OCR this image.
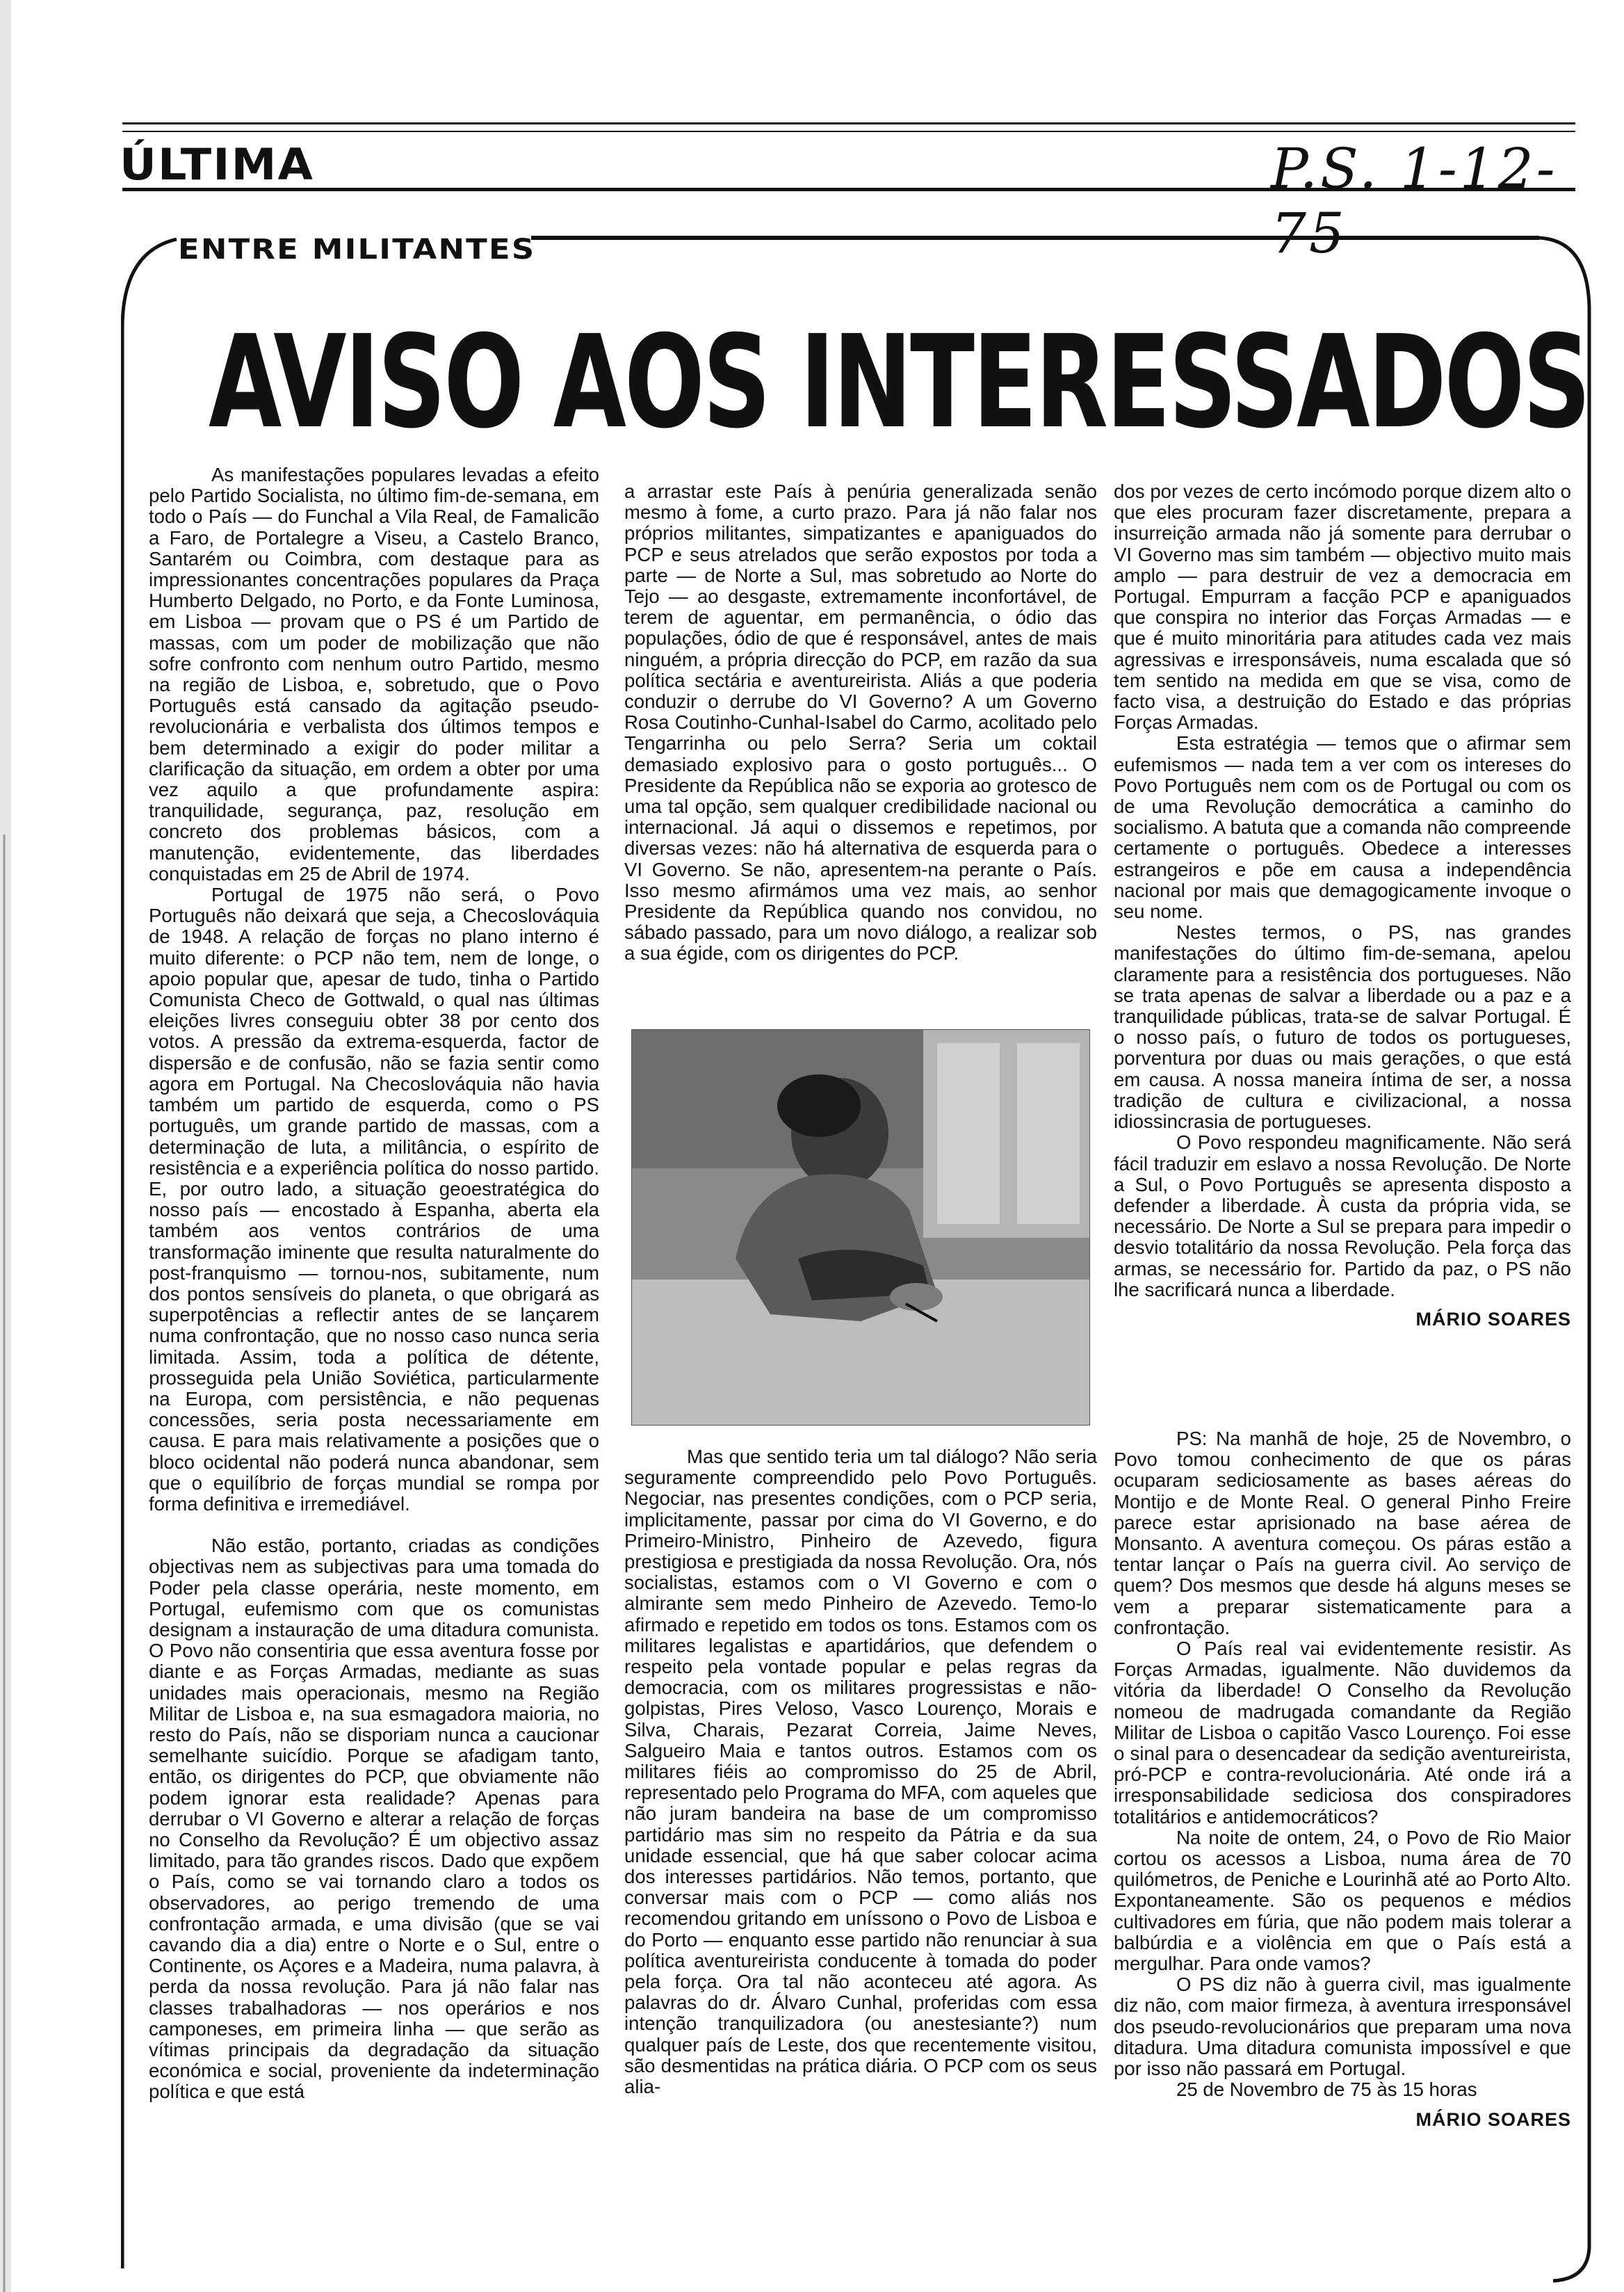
ÚLTIMA	P.S. 1-12-75
ENTRE MILITANTES
AVISO AOS INTERESSADOS

As manifestações populares levadas a efeito pelo Partido Socialista, no último fim-de-semana, em todo o País — do Funchal a Vila Real, de Famalicão a Faro, de Portalegre a Viseu, a Castelo Branco, Santarém ou Coimbra, com destaque para as impressionantes concentrações populares da Praça Humberto Delgado, no Porto, e da Fonte Luminosa, em Lisboa — provam que o PS é um Partido de massas, com um poder de mobilização que não sofre confronto com nenhum outro Partido, mesmo na região de Lisboa, e, sobretudo, que o Povo Português está cansado da agitação pseudo-revolucionária e verbalista dos últimos tempos e bem determinado a exigir do poder militar a clarificação da situação, em ordem a obter por uma vez aquilo a que profundamente aspira: tranquilidade, segurança, paz, resolução em concreto dos problemas básicos, com a manutenção, evidentemente, das liberdades conquistadas em 25 de Abril de 1974.

Portugal de 1975 não será, o Povo Português não deixará que seja, a Checoslováquia de 1948. A relação de forças no plano interno é muito diferente: o PCP não tem, nem de longe, o apoio popular que, apesar de tudo, tinha o Partido Comunista Checo de Gottwald, o qual nas últimas eleições livres conseguiu obter 38 por cento dos votos. A pressão da extrema-esquerda, factor de dispersão e de confusão, não se fazia sentir como agora em Portugal. Na Checoslováquia não havia também um partido de esquerda, como o PS português, um grande partido de massas, com a determinação de luta, a militância, o espírito de resistência e a experiência política do nosso partido. E, por outro lado, a situação geoestratégica do nosso país — encostado à Espanha, aberta ela também aos ventos contrários de uma transformação iminente que resulta naturalmente do post-franquismo — tornou-nos, subitamente, num dos pontos sensíveis do planeta, o que obrigará as superpotências a reflectir antes de se lançarem numa confrontação, que no nosso caso nunca seria limitada. Assim, toda a política de détente, prosseguida pela União Soviética, particularmente na Europa, com persistência, e não pequenas concessões, seria posta necessariamente em causa. E para mais relativamente a posições que o bloco ocidental não poderá nunca abandonar, sem que o equilíbrio de forças mundial se rompa por forma definitiva e irremediável.

Não estão, portanto, criadas as condições objectivas nem as subjectivas para uma tomada do Poder pela classe operária, neste momento, em Portugal, eufemismo com que os comunistas designam a instauração de uma ditadura comunista. O Povo não consentiria que essa aventura fosse por diante e as Forças Armadas, mediante as suas unidades mais operacionais, mesmo na Região Militar de Lisboa e, na sua esmagadora maioria, no resto do País, não se disporiam nunca a caucionar semelhante suicídio. Porque se afadigam tanto, então, os dirigentes do PCP, que obviamente não podem ignorar esta realidade? Apenas para derrubar o VI Governo e alterar a relação de forças no Conselho da Revolução? É um objectivo assaz limitado, para tão grandes riscos. Dado que expõem o País, como se vai tornando claro a todos os observadores, ao perigo tremendo de uma confrontação armada, e uma divisão (que se vai cavando dia a dia) entre o Norte e o Sul, entre o Continente, os Açores e a Madeira, numa palavra, à perda da nossa revolução. Para já não falar nas classes trabalhadoras — nos operários e nos camponeses, em primeira linha — que serão as vítimas principais da degradação da situação económica e social, proveniente da indeterminação política e que está

a arrastar este País à penúria generalizada senão mesmo à fome, a curto prazo. Para já não falar nos próprios militantes, simpatizantes e apaniguados do PCP e seus atrelados que serão expostos por toda a parte — de Norte a Sul, mas sobretudo ao Norte do Tejo — ao desgaste, extremamente inconfortável, de terem de aguentar, em permanência, o ódio das populações, ódio de que é responsável, antes de mais ninguém, a própria direcção do PCP, em razão da sua política sectária e aventureirista. Aliás a que poderia conduzir o derrube do VI Governo? A um Governo Rosa Coutinho-Cunhal-Isabel do Carmo, acolitado pelo Tengarrinha ou pelo Serra? Seria um coktail demasiado explosivo para o gosto português... O Presidente da República não se exporia ao grotesco de uma tal opção, sem qualquer credibilidade nacional ou internacional. Já aqui o dissemos e repetimos, por diversas vezes: não há alternativa de esquerda para o VI Governo. Se não, apresentem-na perante o País. Isso mesmo afirmámos uma vez mais, ao senhor Presidente da República quando nos convidou, no sábado passado, para um novo diálogo, a realizar sob a sua égide, com os dirigentes do PCP.

Mas que sentido teria um tal diálogo? Não seria seguramente compreendido pelo Povo Português. Negociar, nas presentes condições, com o PCP seria, implicitamente, passar por cima do VI Governo, e do Primeiro-Ministro, Pinheiro de Azevedo, figura prestigiosa e prestigiada da nossa Revolução. Ora, nós socialistas, estamos com o VI Governo e com o almirante sem medo Pinheiro de Azevedo. Temo-lo afirmado e repetido em todos os tons. Estamos com os militares legalistas e apartidários, que defendem o respeito pela vontade popular e pelas regras da democracia, com os militares progressistas e não-golpistas, Pires Veloso, Vasco Lourenço, Morais e Silva, Charais, Pezarat Correia, Jaime Neves, Salgueiro Maia e tantos outros. Estamos com os militares fiéis ao compromisso do 25 de Abril, representado pelo Programa do MFA, com aqueles que não juram bandeira na base de um compromisso partidário mas sim no respeito da Pátria e da sua unidade essencial, que há que saber colocar acima dos interesses partidários. Não temos, portanto, que conversar mais com o PCP — como aliás nos recomendou gritando em uníssono o Povo de Lisboa e do Porto — enquanto esse partido não renunciar à sua política aventureirista conducente à tomada do poder pela força. Ora tal não aconteceu até agora. As palavras do dr. Álvaro Cunhal, proferidas com essa intenção tranquilizadora (ou anestesiante?) num qualquer país de Leste, dos que recentemente visitou, são desmentidas na prática diária. O PCP com os seus alia-

dos por vezes de certo incómodo porque dizem alto o que eles procuram fazer discretamente, prepara a insurreição armada não já somente para derrubar o VI Governo mas sim também — objectivo muito mais amplo — para destruir de vez a democracia em Portugal. Empurram a facção PCP e apaniguados que conspira no interior das Forças Armadas — e que é muito minoritária para atitudes cada vez mais agressivas e irresponsáveis, numa escalada que só tem sentido na medida em que se visa, como de facto visa, a destruição do Estado e das próprias Forças Armadas.

Esta estratégia — temos que o afirmar sem eufemismos — nada tem a ver com os intereses do Povo Português nem com os de Portugal ou com os de uma Revolução democrática a caminho do socialismo. A batuta que a comanda não compreende certamente o português. Obedece a interesses estrangeiros e põe em causa a independência nacional por mais que demagogicamente invoque o seu nome.

Nestes termos, o PS, nas grandes manifestações do último fim-de-semana, apelou claramente para a resistência dos portugueses. Não se trata apenas de salvar a liberdade ou a paz e a tranquilidade públicas, trata-se de salvar Portugal. É o nosso país, o futuro de todos os portugueses, porventura por duas ou mais gerações, o que está em causa. A nossa maneira íntima de ser, a nossa tradição de cultura e civilizacional, a nossa idiossincrasia de portugueses.

O Povo respondeu magnificamente. Não será fácil traduzir em eslavo a nossa Revolução. De Norte a Sul, o Povo Português se apresenta disposto a defender a liberdade. À custa da própria vida, se necessário. De Norte a Sul se prepara para impedir o desvio totalitário da nossa Revolução. Pela força das armas, se necessário for. Partido da paz, o PS não lhe sacrificará nunca a liberdade.

MÁRIO SOARES

PS: Na manhã de hoje, 25 de Novembro, o Povo tomou conhecimento de que os páras ocuparam sediciosamente as bases aéreas do Montijo e de Monte Real. O general Pinho Freire parece estar aprisionado na base aérea de Monsanto. A aventura começou. Os páras estão a tentar lançar o País na guerra civil. Ao serviço de quem? Dos mesmos que desde há alguns meses se vem a preparar sistematicamente para a confrontação.

O País real vai evidentemente resistir. As Forças Armadas, igualmente. Não duvidemos da vitória da liberdade! O Conselho da Revolução nomeou de madrugada comandante da Região Militar de Lisboa o capitão Vasco Lourenço. Foi esse o sinal para o desencadear da sedição aventureirista, pró-PCP e contra-revolucionária. Até onde irá a irresponsabilidade sediciosa dos conspiradores totalitários e antidemocráticos?

Na noite de ontem, 24, o Povo de Rio Maior cortou os acessos a Lisboa, numa área de 70 quilómetros, de Peniche e Lourinhã até ao Porto Alto. Expontaneamente. São os pequenos e médios cultivadores em fúria, que não podem mais tolerar a balbúrdia e a violência em que o País está a mergulhar. Para onde vamos?

O PS diz não à guerra civil, mas igualmente diz não, com maior firmeza, à aventura irresponsável dos pseudo-revolucionários que preparam uma nova ditadura. Uma ditadura comunista impossível e que por isso não passará em Portugal.

25 de Novembro de 75 às 15 horas

MÁRIO SOARES
